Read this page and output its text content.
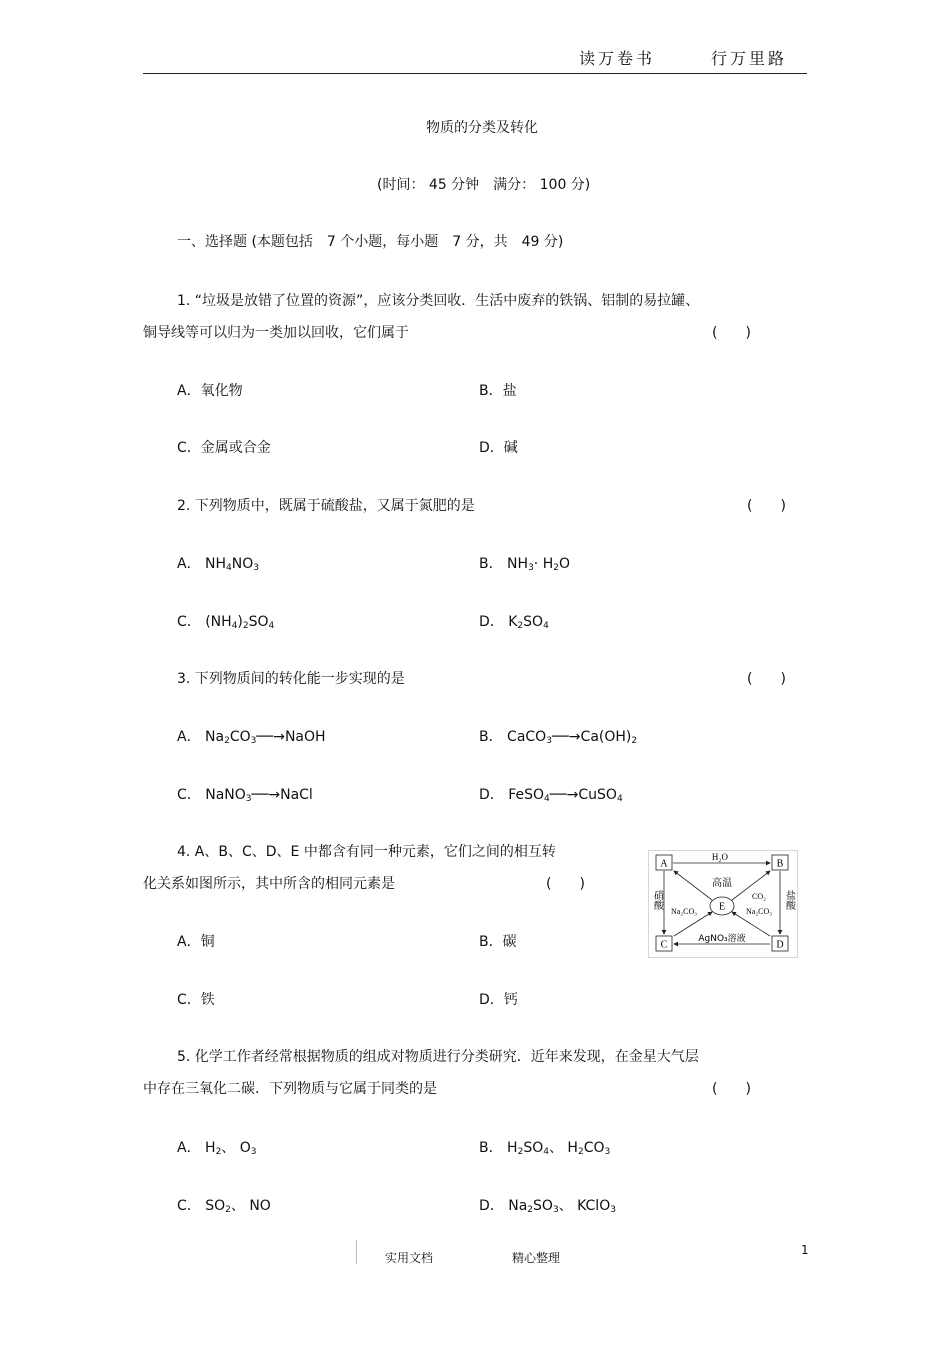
读万卷书	行万里路
物质的分类及转化
(时间： 45 分钟　满分： 100 分)
一、选择题 (本题包括　7 个小题，每小题　7 分，共　49 分)
1. “垃圾是放错了位置的资源”，应该分类回收．生活中废弃的铁锅、铝制的易拉罐、
铜导线等可以归为一类加以回收，它们属于	(　　)
A．氧化物	B．盐
C．金属或合金	D．碱
2. 下列物质中，既属于硫酸盐，又属于氮肥的是	(　　)
A． $NH_4NO_3$	B． $NH_3\cdot H_2O$
C． $(NH_4)_2SO_4$	D． $K_2SO_4$
3. 下列物质间的转化能一步实现的是	(　　)
A． $Na_2CO_3──\to NaOH$	B． $CaCO_3──\to Ca(OH)_2$
C． NaNO$_3$──→NaCl	D． FeSO$_4$──→CuSO$_4$
4. A、B、C、D、E 中都含有同一种元素，它们之间的相互转
化关系如图所示，其中所含的相同元素是	(　　)
A．铜	B．碳
C．铁	D．钙
A	B
C	D
E
H₂O
高温
CO₂
Na₂CO₃	Na₂CO₃
AgNO₃溶液
硝酸	盐酸
5. 化学工作者经常根据物质的组成对物质进行分类研究．近年来发现，在金星大气层
中存在三氧化二碳．下列物质与它属于同类的是	(　　)
A． $H_2$、 $O_3$	B． $H_2SO_4$、 $H_2CO_3$
C． $SO_2$、 NO	D． $Na_2SO_3$、 KClO$_3$
实用文档	精心整理
1
